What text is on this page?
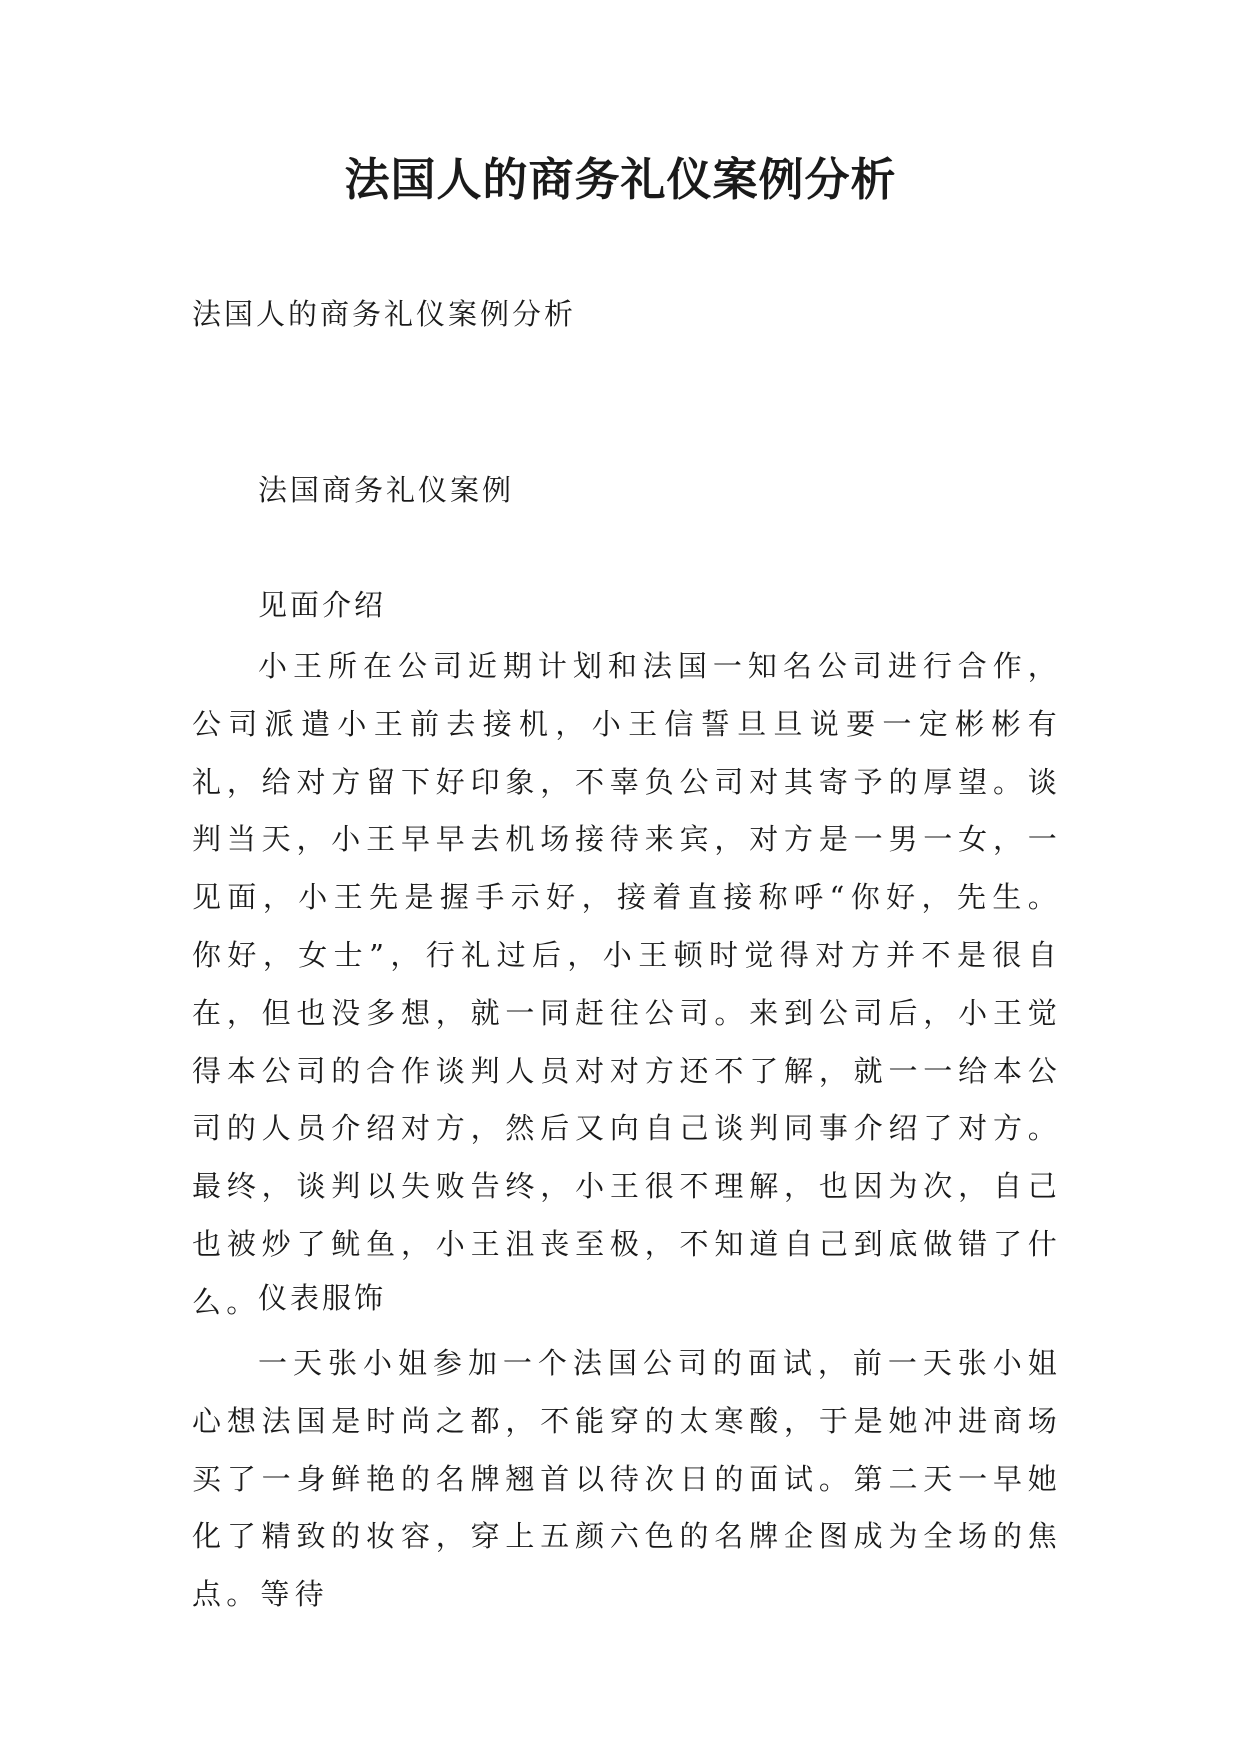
法国人的商务礼仪案例分析

法国人的商务礼仪案例分析

法国商务礼仪案例

见面介绍

小王所在公司近期计划和法国一知名公司进行合作，公司派遣小王前去接机，小王信誓旦旦说要一定彬彬有礼，给对方留下好印象，不辜负公司对其寄予的厚望。谈判当天，小王早早去机场接待来宾，对方是一男一女，一见面，小王先是握手示好，接着直接称呼“你好，先生。你好，女士”，行礼过后，小王顿时觉得对方并不是很自在，但也没多想，就一同赶往公司。来到公司后，小王觉得本公司的合作谈判人员对对方还不了解，就一一给本公司的人员介绍对方，然后又向自己谈判同事介绍了对方。最终，谈判以失败告终，小王很不理解，也因为次，自己也被炒了鱿鱼，小王沮丧至极，不知道自己到底做错了什么。

仪表服饰

一天张小姐参加一个法国公司的面试，前一天张小姐心想法国是时尚之都，不能穿的太寒酸，于是她冲进商场买了一身鲜艳的名牌翘首以待次日的面试。第二天一早她化了精致的妆容，穿上五颜六色的名牌企图成为全场的焦点。等待
